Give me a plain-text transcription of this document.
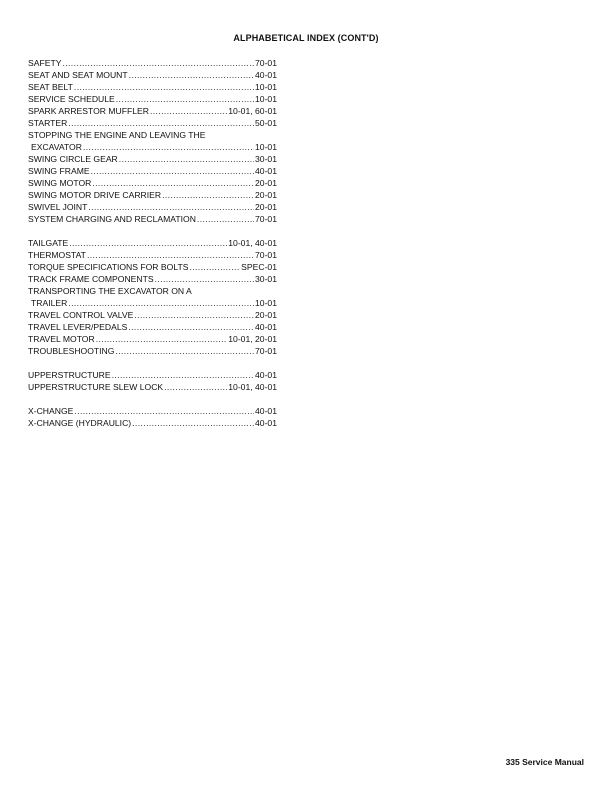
ALPHABETICAL INDEX (CONT'D)
SAFETY .....	70-01
SEAT AND SEAT MOUNT .....	40-01
SEAT BELT .....	10-01
SERVICE SCHEDULE .....	10-01
SPARK ARRESTOR MUFFLER .....	10-01, 60-01
STARTER .....	50-01
STOPPING THE ENGINE AND LEAVING THE
EXCAVATOR .....	10-01
SWING CIRCLE GEAR .....	30-01
SWING FRAME .....	40-01
SWING MOTOR .....	20-01
SWING MOTOR DRIVE CARRIER .....	20-01
SWIVEL JOINT .....	20-01
SYSTEM CHARGING AND RECLAMATION .....	70-01
TAILGATE .....	10-01, 40-01
THERMOSTAT .....	70-01
TORQUE SPECIFICATIONS FOR BOLTS .....	SPEC-01
TRACK FRAME COMPONENTS .....	30-01
TRANSPORTING THE EXCAVATOR ON A
TRAILER .....	10-01
TRAVEL CONTROL VALVE .....	20-01
TRAVEL LEVER/PEDALS .....	40-01
TRAVEL MOTOR .....	10-01, 20-01
TROUBLESHOOTING .....	70-01
UPPERSTRUCTURE .....	40-01
UPPERSTRUCTURE SLEW LOCK .....	10-01, 40-01
X-CHANGE .....	40-01
X-CHANGE (HYDRAULIC) .....	40-01
335 Service Manual
